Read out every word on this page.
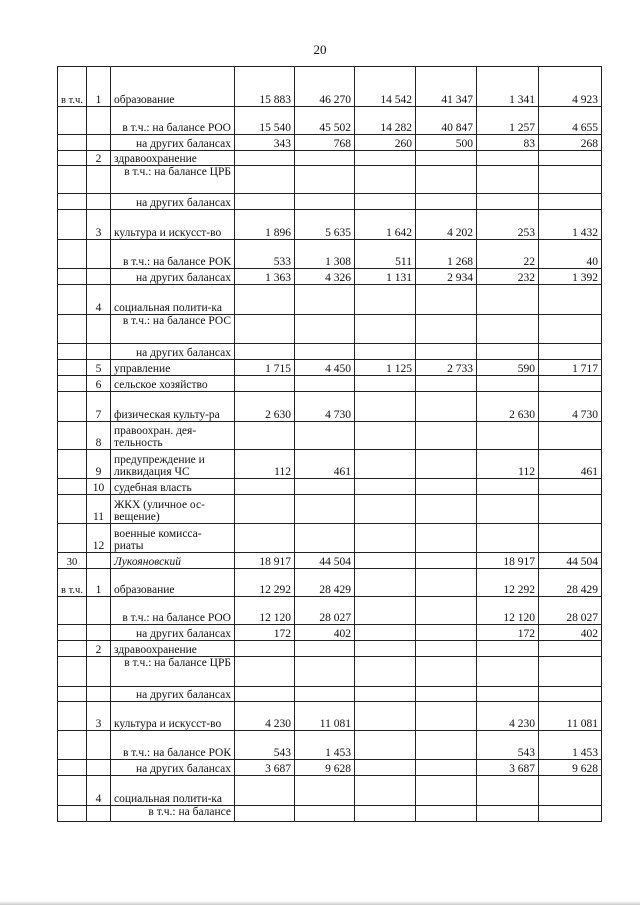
20
в т.ч.	1	образование	15 883	46 270	14 542	41 347	1 341	4 923
		в т.ч.: на балансе РОО	15 540	45 502	14 282	40 847	1 257	4 655
		на других балансах	343	768	260	500	83	268
	2	здравоохранение						
		в т.ч.: на балансе ЦРБ						
		на других балансах						
	3	культура и искусст-во	1 896	5 635	1 642	4 202	253	1 432
		в т.ч.: на балансе РОК	533	1 308	511	1 268	22	40
		на других балансах	1 363	4 326	1 131	2 934	232	1 392
	4	социальная полити-ка						
		в т.ч.: на балансе РОС						
		на других балансах						
	5	управление	1 715	4 450	1 125	2 733	590	1 717
	6	сельское хозяйство						
	7	физическая культу-ра	2 630	4 730			2 630	4 730
	8	правоохран. дея-тельность						
	9	предупреждение и ликвидация ЧС	112	461			112	461
	10	судебная власть						
	11	ЖКХ (уличное ос-вещение)						
	12	военные комисса-риаты						
30		Лукояновский	18 917	44 504			18 917	44 504
в т.ч.	1	образование	12 292	28 429			12 292	28 429
		в т.ч.: на балансе РОО	12 120	28 027			12 120	28 027
		на других балансах	172	402			172	402
	2	здравоохранение						
		в т.ч.: на балансе ЦРБ						
		на других балансах						
	3	культура и искусст-во	4 230	11 081			4 230	11 081
		в т.ч.: на балансе РОК	543	1 453			543	1 453
		на других балансах	3 687	9 628			3 687	9 628
	4	социальная полити-ка						
		в т.ч.: на балансе						
